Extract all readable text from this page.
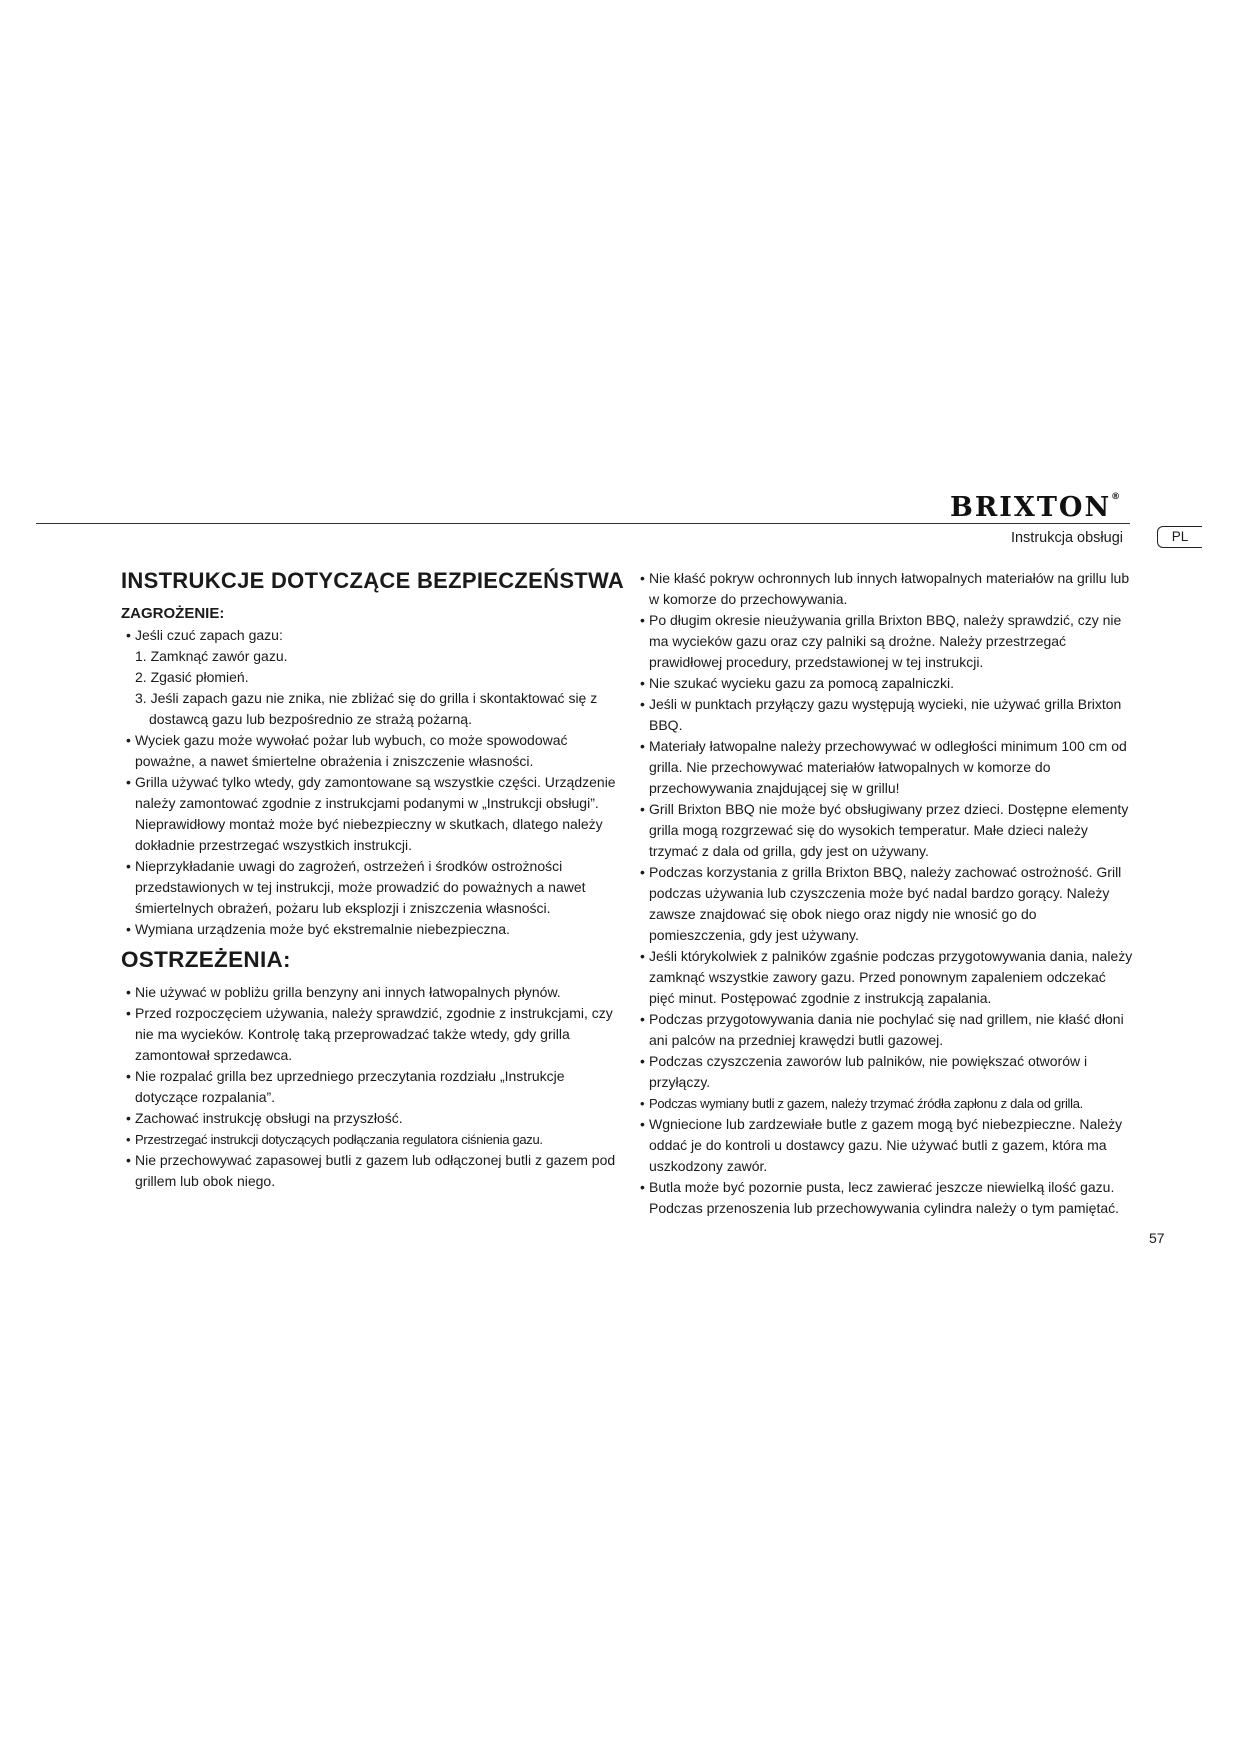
BRIXTON®
Instrukcja obsługi	PL
INSTRUKCJE DOTYCZĄCE BEZPIECZEŃSTWA
ZAGROŻENIE:

• Jeśli czuć zapach gazu:

1. Zamknąć zawór gazu.

2. Zgasić płomień.

3. Jeśli zapach gazu nie znika, nie zbliżać się do grilla i skontaktować się z dostawcą gazu lub bezpośrednio ze strażą pożarną.

• Wyciek gazu może wywołać pożar lub wybuch, co może spowodować poważne, a nawet śmiertelne obrażenia i zniszczenie własności.

• Grilla używać tylko wtedy, gdy zamontowane są wszystkie części. Urządzenie należy zamontować zgodnie z instrukcjami podanymi w „Instrukcji obsługi”. Nieprawidłowy montaż może być niebezpieczny w skutkach, dlatego należy dokładnie przestrzegać wszystkich instrukcji.

• Nieprzykładanie uwagi do zagrożeń, ostrzeżeń i środków ostrożności przedstawionych w tej instrukcji, może prowadzić do poważnych a nawet śmiertelnych obrażeń, pożaru lub eksplozji i zniszczenia własności.

• Wymiana urządzenia może być ekstremalnie niebezpieczna.

OSTRZEŻENIA:

• Nie używać w pobliżu grilla benzyny ani innych łatwopalnych płynów.

• Przed rozpoczęciem używania, należy sprawdzić, zgodnie z instrukcjami, czy nie ma wycieków. Kontrolę taką przeprowadzać także wtedy, gdy grilla zamontował sprzedawca.

• Nie rozpalać grilla bez uprzedniego przeczytania rozdziału „Instrukcje dotyczące rozpalania”.

• Zachować instrukcję obsługi na przyszłość.

• Przestrzegać instrukcji dotyczących podłączania regulatora ciśnienia gazu.

• Nie przechowywać zapasowej butli z gazem lub odłączonej butli z gazem pod grillem lub obok niego.

• Nie kłaść pokryw ochronnych lub innych łatwopalnych materiałów na grillu lub w komorze do przechowywania.

• Po długim okresie nieużywania grilla Brixton BBQ, należy sprawdzić, czy nie ma wycieków gazu oraz czy palniki są drożne. Należy przestrzegać prawidłowej procedury, przedstawionej w tej instrukcji.

• Nie szukać wycieku gazu za pomocą zapalniczki.

• Jeśli w punktach przyłączy gazu występują wycieki, nie używać grilla Brixton BBQ.

• Materiały łatwopalne należy przechowywać w odległości minimum 100 cm od grilla. Nie przechowywać materiałów łatwopalnych w komorze do przechowywania znajdującej się w grillu!

• Grill Brixton BBQ nie może być obsługiwany przez dzieci. Dostępne elementy grilla mogą rozgrzewać się do wysokich temperatur. Małe dzieci należy trzymać z dala od grilla, gdy jest on używany.

• Podczas korzystania z grilla Brixton BBQ, należy zachować ostrożność. Grill podczas używania lub czyszczenia może być nadal bardzo gorący. Należy zawsze znajdować się obok niego oraz nigdy nie wnosić go do pomieszczenia, gdy jest używany.

• Jeśli którykolwiek z palników zgaśnie podczas przygotowywania dania, należy zamknąć wszystkie zawory gazu. Przed ponownym zapaleniem odczekać pięć minut. Postępować zgodnie z instrukcją zapalania.

• Podczas przygotowywania dania nie pochylać się nad grillem, nie kłaść dłoni ani palców na przedniej krawędzi butli gazowej.

• Podczas czyszczenia zaworów lub palników, nie powiększać otworów i przyłączy.

• Podczas wymiany butli z gazem, należy trzymać źródła zapłonu z dala od grilla.

• Wgniecione lub zardzewiałe butle z gazem mogą być niebezpieczne. Należy oddać je do kontroli u dostawcy gazu. Nie używać butli z gazem, która ma uszkodzony zawór.

• Butla może być pozornie pusta, lecz zawierać jeszcze niewielką ilość gazu. Podczas przenoszenia lub przechowywania cylindra należy o tym pamiętać.

57
